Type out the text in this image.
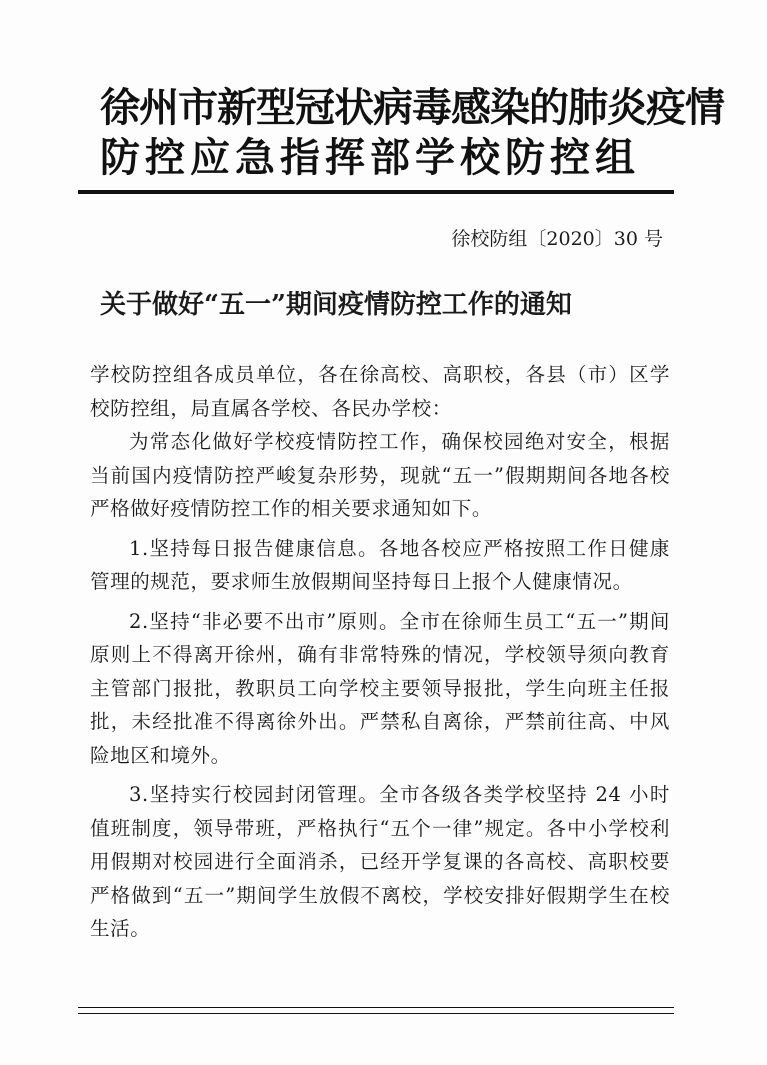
徐州市新型冠状病毒感染的肺炎疫情
防控应急指挥部学校防控组
徐校防组〔2020〕30 号
关于做好“五一”期间疫情防控工作的通知

学校防控组各成员单位，各在徐高校、高职校，各县（市）区学校防控组，局直属各学校、各民办学校：

为常态化做好学校疫情防控工作，确保校园绝对安全，根据当前国内疫情防控严峻复杂形势，现就“五一”假期期间各地各校严格做好疫情防控工作的相关要求通知如下。

1.坚持每日报告健康信息。各地各校应严格按照工作日健康管理的规范，要求师生放假期间坚持每日上报个人健康情况。

2.坚持“非必要不出市”原则。全市在徐师生员工“五一”期间原则上不得离开徐州，确有非常特殊的情况，学校领导须向教育主管部门报批，教职员工向学校主要领导报批，学生向班主任报批，未经批准不得离徐外出。严禁私自离徐，严禁前往高、中风险地区和境外。

3.坚持实行校园封闭管理。全市各级各类学校坚持 24 小时值班制度，领导带班，严格执行“五个一律”规定。各中小学校利用假期对校园进行全面消杀，已经开学复课的各高校、高职校要严格做到“五一”期间学生放假不离校，学校安排好假期学生在校生活。
